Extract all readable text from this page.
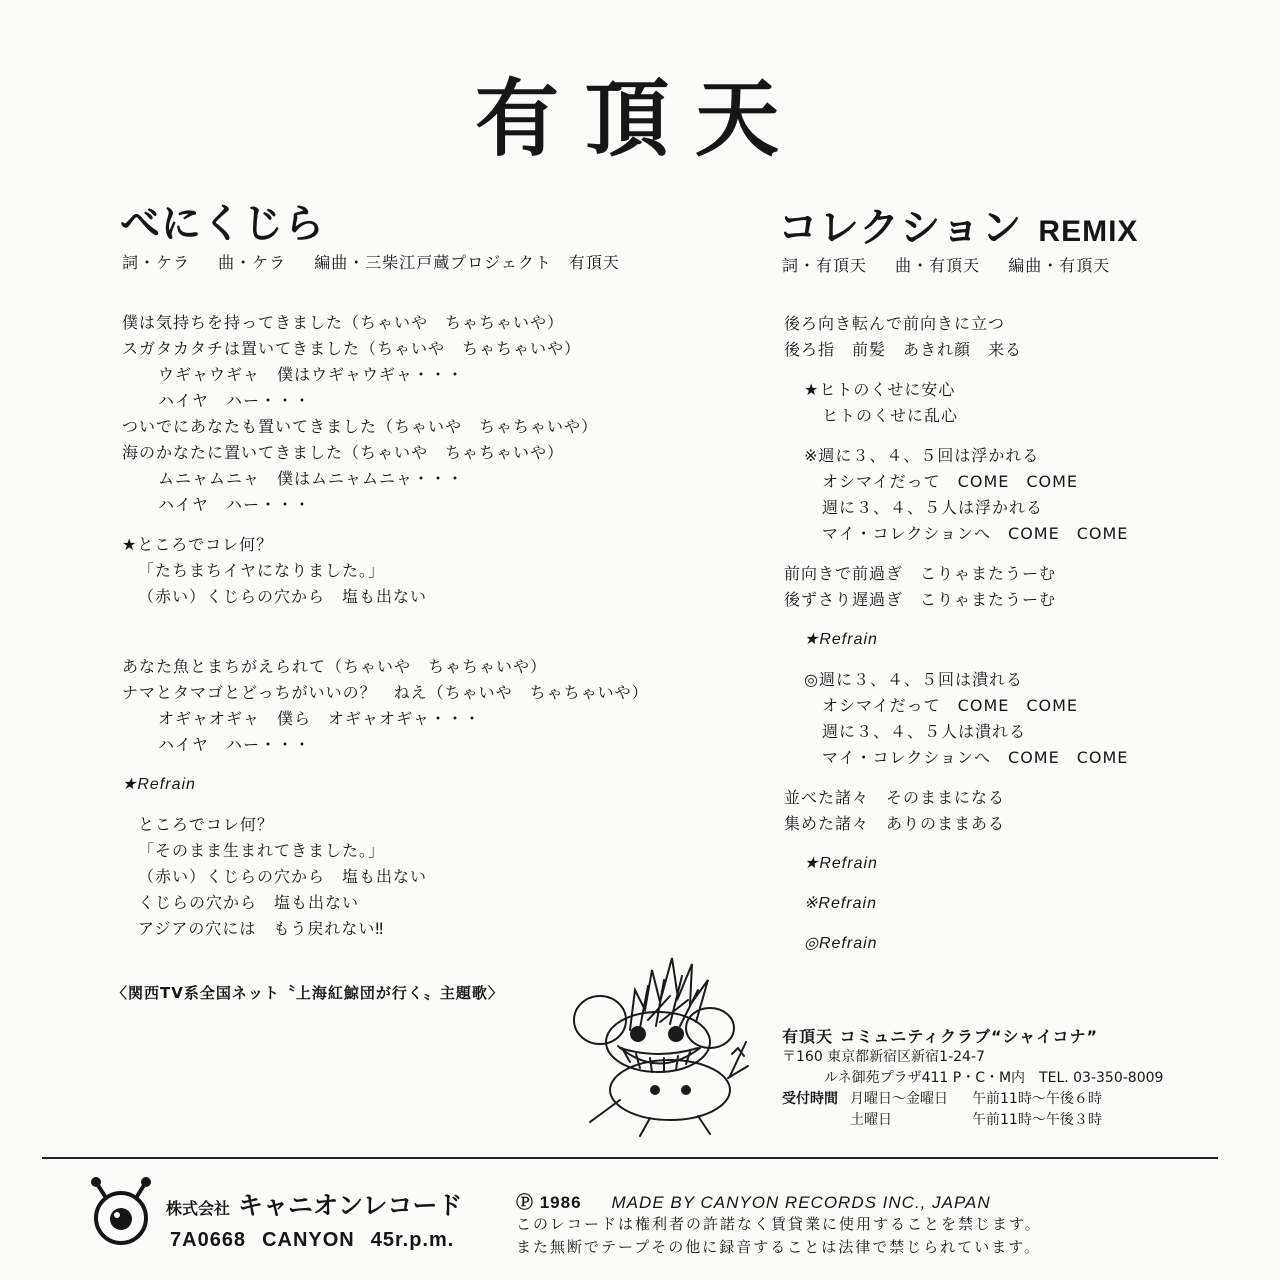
有頂天
べにくじら
詞・ケラ 曲・ケラ 編曲・三柴江戸蔵プロジェクト　有頂天
僕は気持ちを持ってきました（ちゃいや　ちゃちゃいや）
スガタカタチは置いてきました（ちゃいや　ちゃちゃいや）
ウギャウギャ　僕はウギャウギャ・・・
ハイヤ　ハー・・・
ついでにあなたも置いてきました（ちゃいや　ちゃちゃいや）
海のかなたに置いてきました（ちゃいや　ちゃちゃいや）
ムニャムニャ　僕はムニャムニャ・・・
ハイヤ　ハー・・・
★ところでコレ何？
「たちまちイヤになりました。」
（赤い）くじらの穴から　塩も出ない
あなた魚とまちがえられて（ちゃいや　ちゃちゃいや）
ナマとタマゴとどっちがいいの？　ねえ（ちゃいや　ちゃちゃいや）
オギャオギャ　僕ら　オギャオギャ・・・
ハイヤ　ハー・・・
★Refrain
ところでコレ何？
「そのまま生まれてきました。」
（赤い）くじらの穴から　塩も出ない
くじらの穴から　塩も出ない
アジアの穴には　もう戻れない‼
〈関西TV系全国ネット〝上海紅鯨団が行く〟主題歌〉
コレクション REMIX
詞・有頂天 曲・有頂天 編曲・有頂天
後ろ向き転んで前向きに立つ
後ろ指　前髪　あきれ顔　来る
★ヒトのくせに安心
ヒトのくせに乱心
※週に３、４、５回は浮かれる
オシマイだって　COME　COME
週に３、４、５人は浮かれる
マイ・コレクションへ　COME　COME
前向きで前過ぎ　こりゃまたうーむ
後ずさり遅過ぎ　こりゃまたうーむ
★Refrain
◎週に３、４、５回は潰れる
オシマイだって　COME　COME
週に３、４、５人は潰れる
マイ・コレクションへ　COME　COME
並べた諸々　そのままになる
集めた諸々　ありのままある
★Refrain
※Refrain
◎Refrain
有頂天 コミュニティクラブ“シャイコナ”
〒160 東京都新宿区新宿1-24-7
ルネ御苑プラザ411 P・C・M内　TEL. 03-350-8009
受付時間 月曜日～金曜日 午前11時～午後６時
土曜日	午前11時～午後３時
株式会社 キャニオンレコード
7A0668 CANYON 45r.p.m.
Ⓟ 1986 MADE BY CANYON RECORDS INC., JAPAN
このレコードは権利者の許諾なく賃貸業に使用することを禁じます。
また無断でテープその他に録音することは法律で禁じられています。
